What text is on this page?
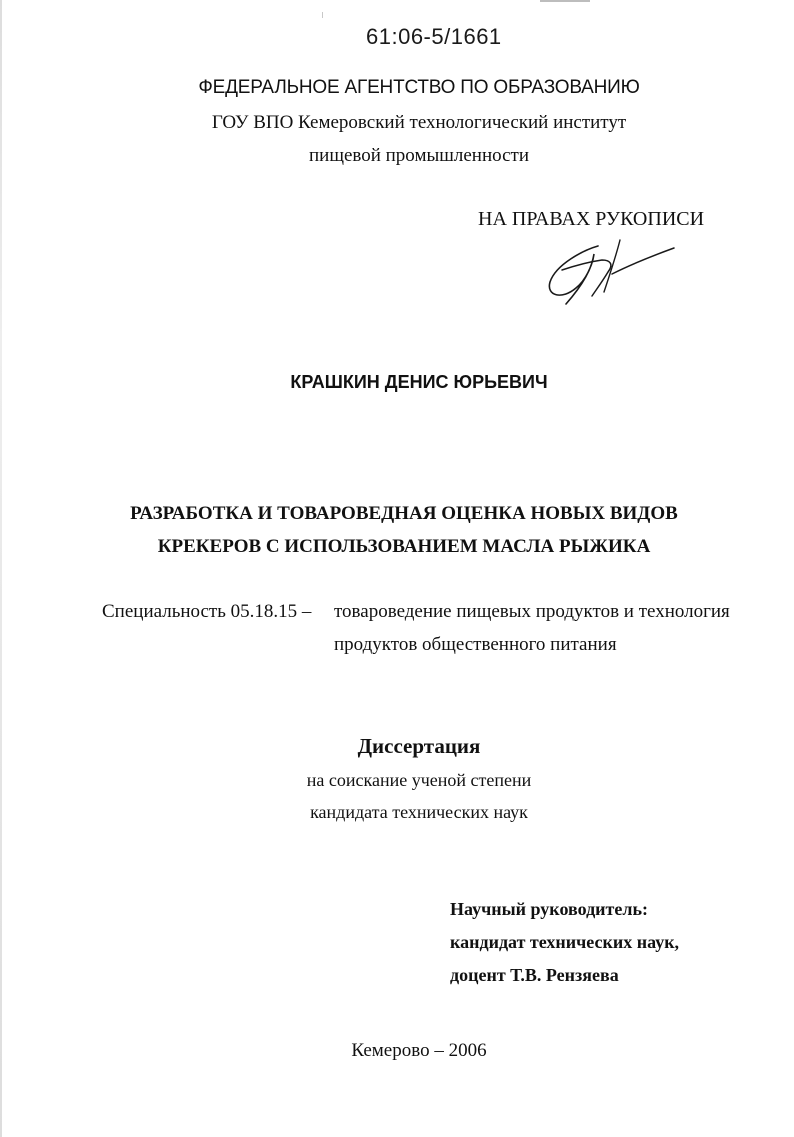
61:06-5/1661
ФЕДЕРАЛЬНОЕ АГЕНТСТВО ПО ОБРАЗОВАНИЮ
ГОУ ВПО Кемеровский технологический институт
пищевой промышленности
НА ПРАВАХ РУКОПИСИ
КРАШКИН ДЕНИС ЮРЬЕВИЧ
РАЗРАБОТКА И ТОВАРОВЕДНАЯ ОЦЕНКА НОВЫХ ВИДОВ
КРЕКЕРОВ С ИСПОЛЬЗОВАНИЕМ МАСЛА РЫЖИКА
Специальность 05.18.15 – товароведение пищевых продуктов и технология
продуктов общественного питания
Диссертация
на соискание ученой степени
кандидата технических наук
Научный руководитель:
кандидат технических наук,
доцент Т.В. Рензяева
Кемерово – 2006
